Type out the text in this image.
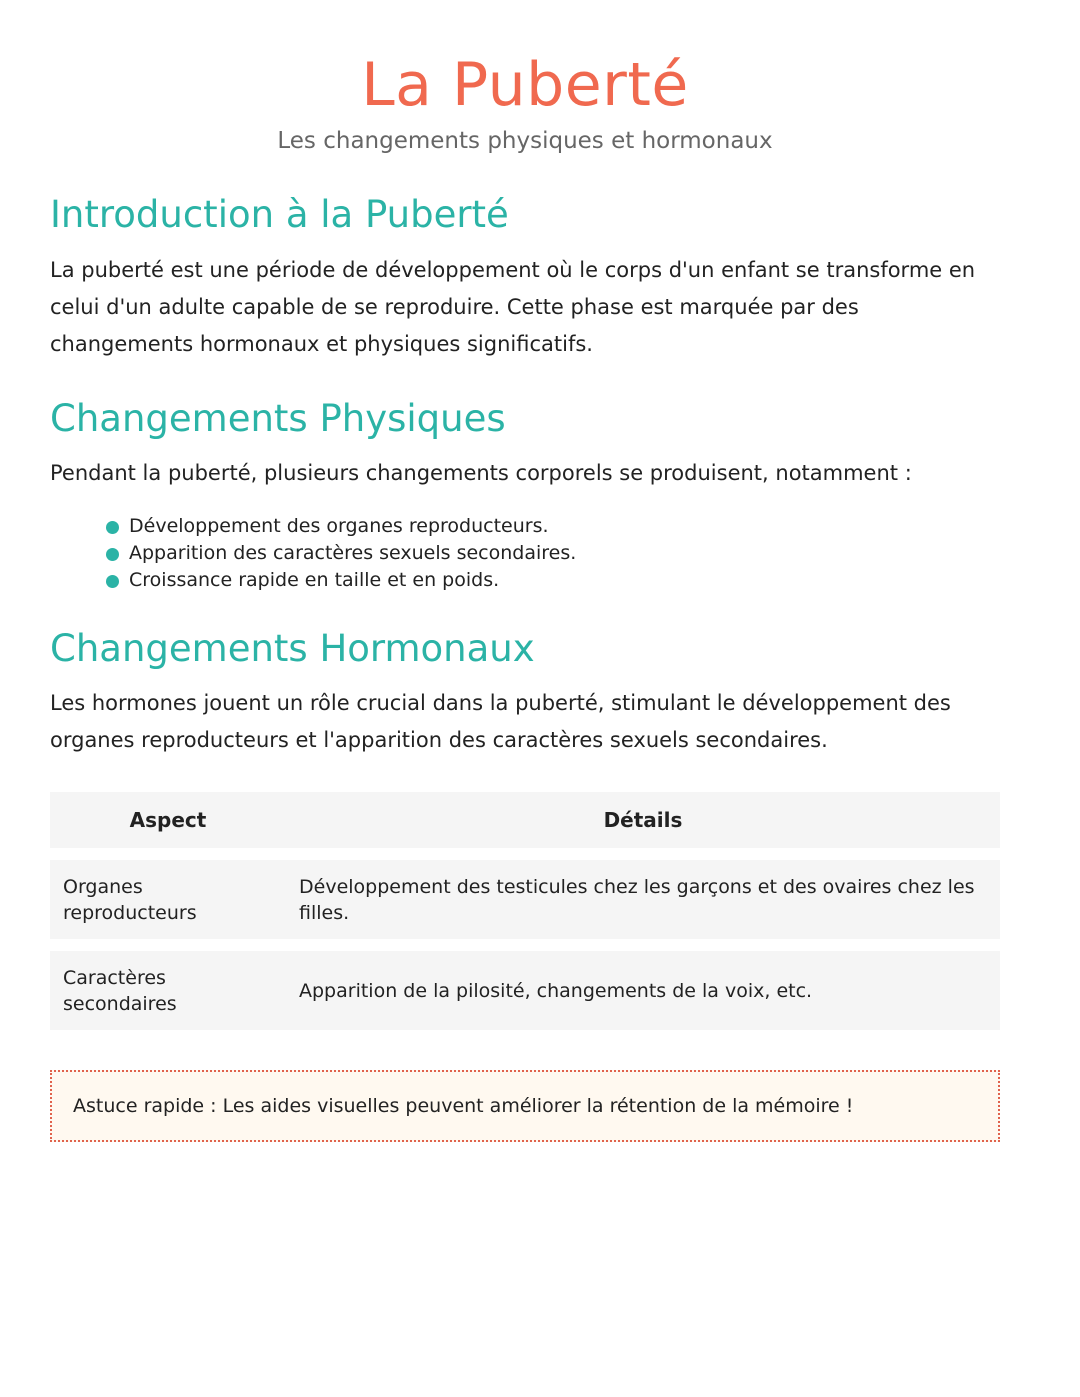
La Puberté
Les changements physiques et hormonaux
Introduction à la Puberté

La puberté est une période de développement où le corps d'un enfant se transforme en celui d'un adulte capable de se reproduire. Cette phase est marquée par des changements hormonaux et physiques significatifs.

Changements Physiques

Pendant la puberté, plusieurs changements corporels se produisent, notamment :

Développement des organes reproducteurs.
Apparition des caractères sexuels secondaires.
Croissance rapide en taille et en poids.
Changements Hormonaux

Les hormones jouent un rôle crucial dans la puberté, stimulant le développement des organes reproducteurs et l'apparition des caractères sexuels secondaires.

Aspect	Détails
Organes reproducteurs	Développement des testicules chez les garçons et des ovaires chez les filles.
Caractères secondaires	Apparition de la pilosité, changements de la voix, etc.
Astuce rapide : Les aides visuelles peuvent améliorer la rétention de la mémoire !
